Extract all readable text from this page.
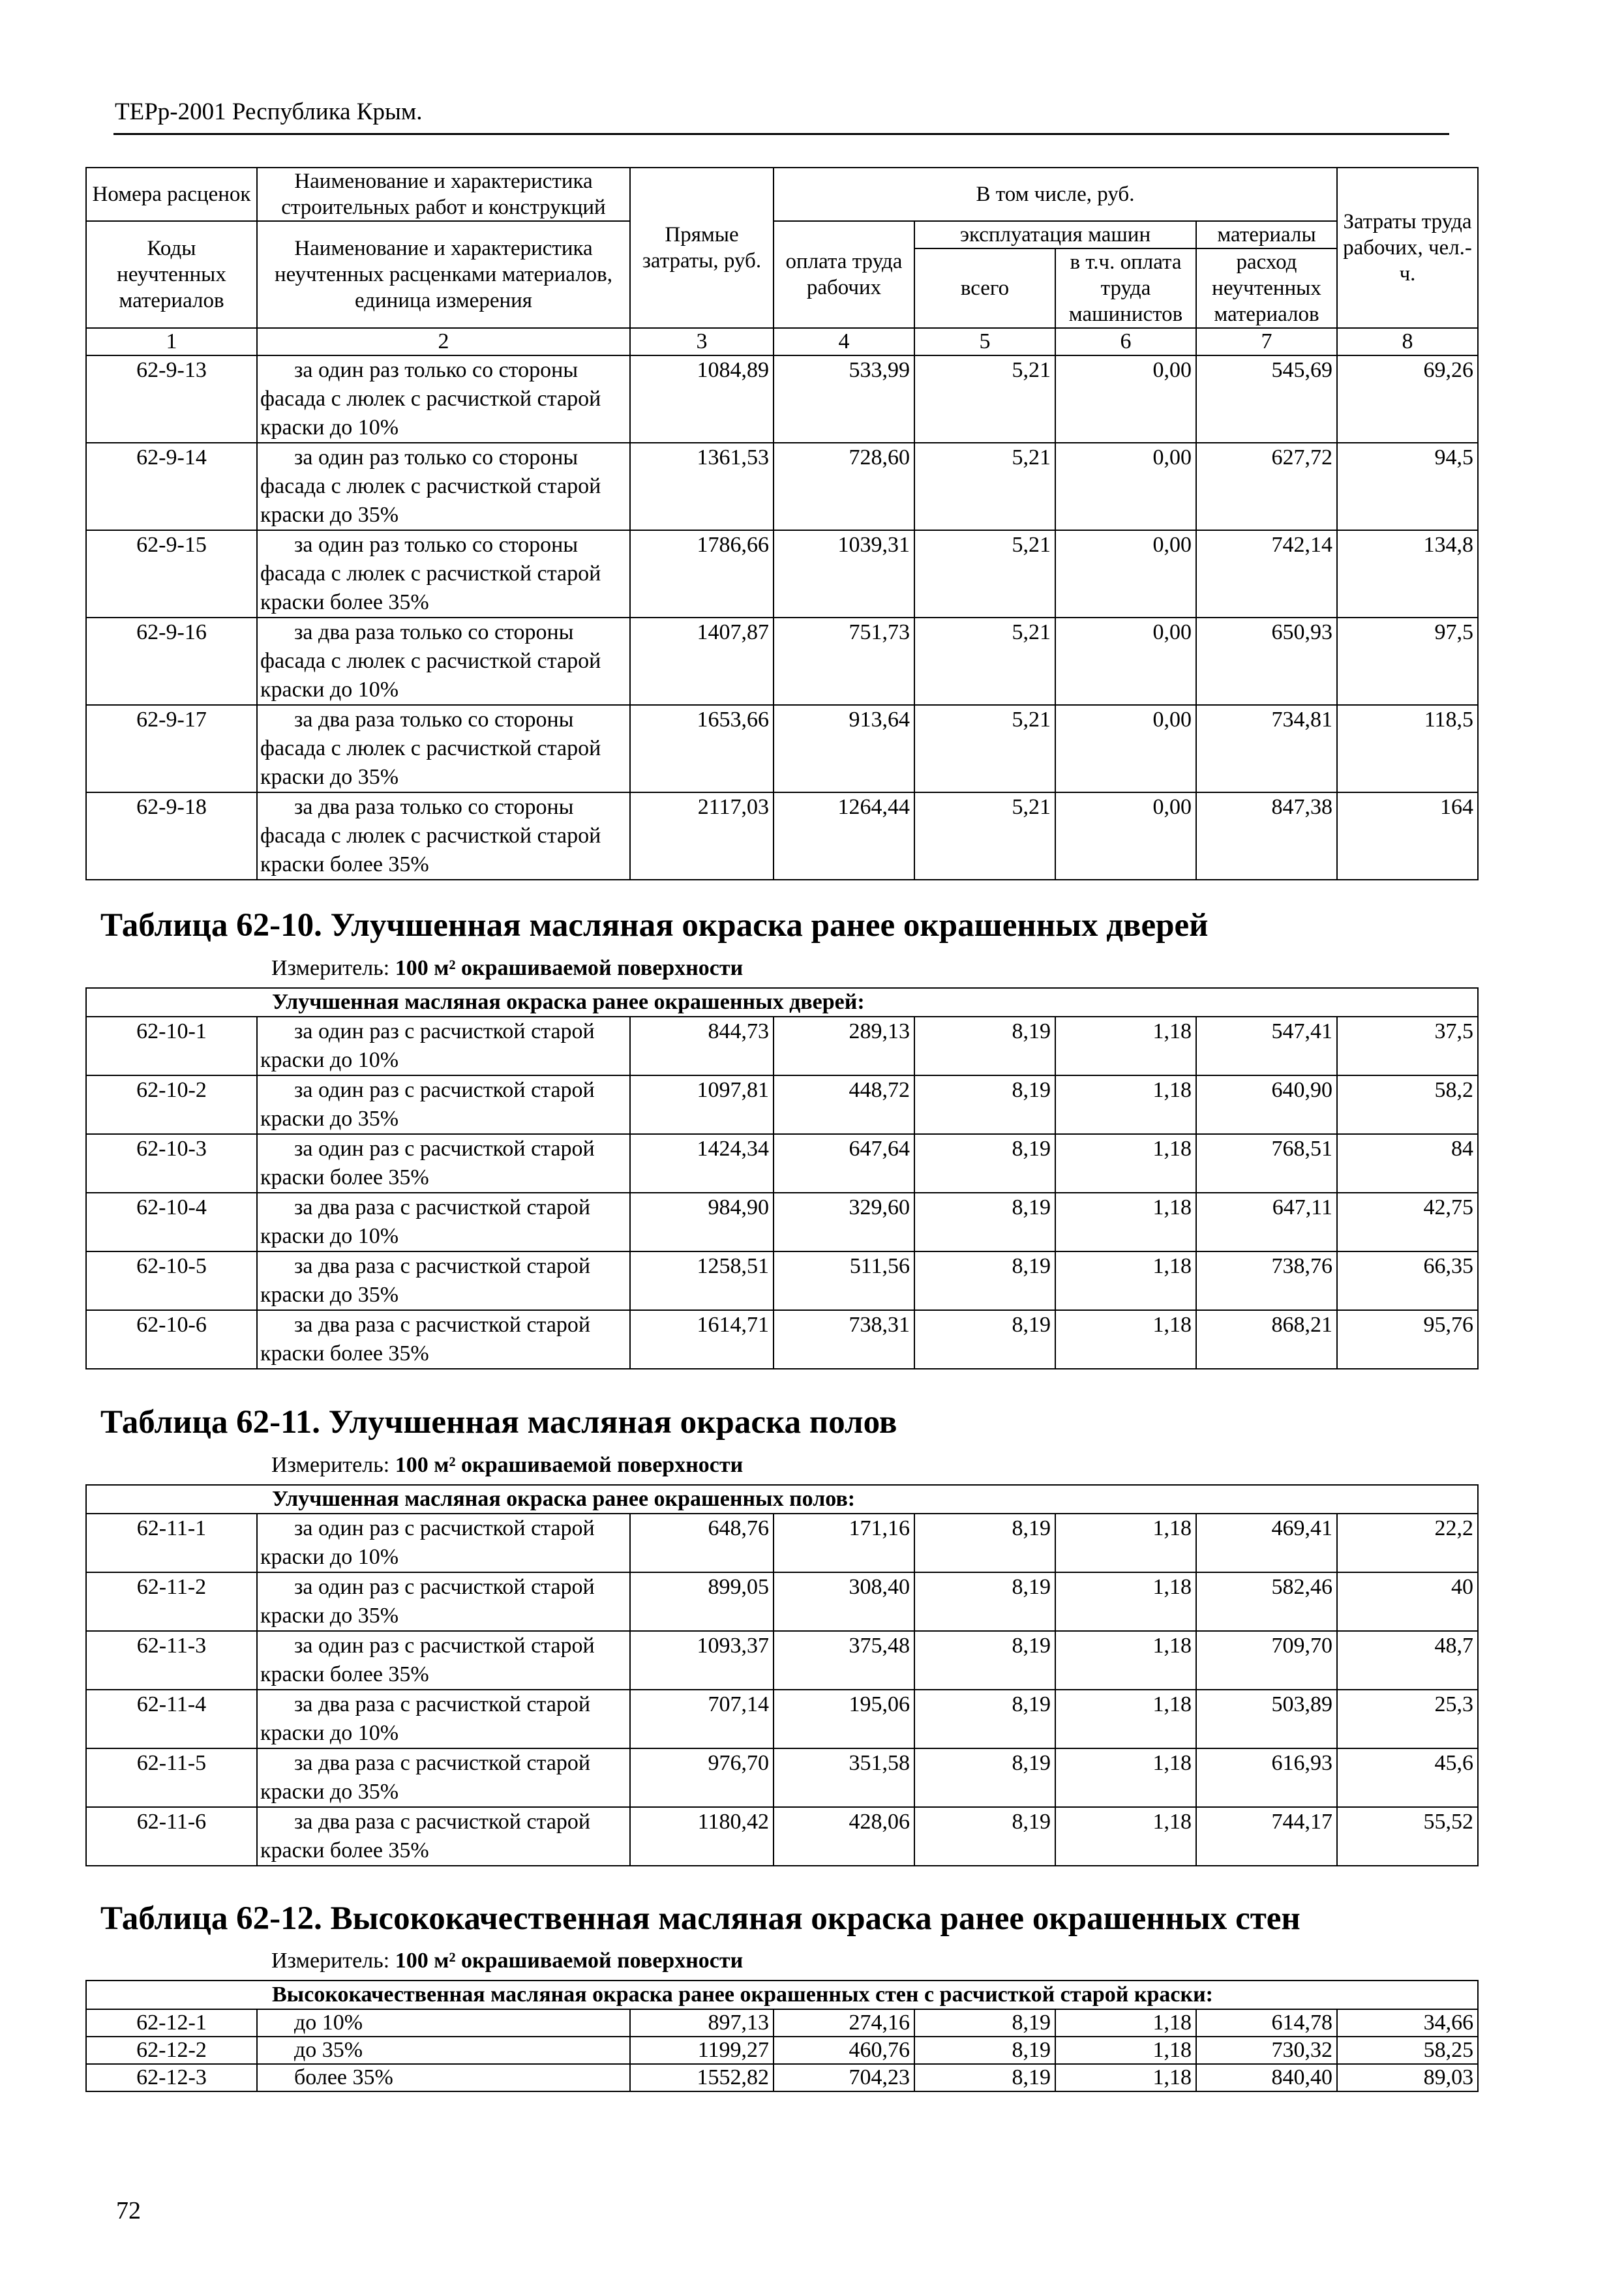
ТЕРр-2001 Республика Крым.
Номера расценок	Наименование и характеристика строительных работ и конструкций	Прямые затраты, руб.	В том числе, руб.				Затраты труда рабочих, чел.-ч.
Коды неучтенных материалов	Наименование и характеристика неучтенных расценками материалов, единица измерения		оплата труда рабочих	эксплуатация машин		материалы	
				всего	в т.ч. оплата труда машинистов	расход неучтенных материалов	
1	2	3	4	5	6	7	8
62-9-13	за один раз только со стороны фасада с люлек с расчисткой старой краски до 10%	1084,89	533,99	5,21	0,00	545,69	69,26
62-9-14	за один раз только со стороны фасада с люлек с расчисткой старой краски до 35%	1361,53	728,60	5,21	0,00	627,72	94,5
62-9-15	за один раз только со стороны фасада с люлек с расчисткой старой краски более 35%	1786,66	1039,31	5,21	0,00	742,14	134,8
62-9-16	за два раза только со стороны фасада с люлек с расчисткой старой краски до 10%	1407,87	751,73	5,21	0,00	650,93	97,5
62-9-17	за два раза только со стороны фасада с люлек с расчисткой старой краски до 35%	1653,66	913,64	5,21	0,00	734,81	118,5
62-9-18	за два раза только со стороны фасада с люлек с расчисткой старой краски более 35%	2117,03	1264,44	5,21	0,00	847,38	164
Таблица 62-10. Улучшенная масляная окраска ранее окрашенных дверей
Измеритель: 100 м² окрашиваемой поверхности
Улучшенная масляная окраска ранее окрашенных дверей:							
62-10-1	за один раз с расчисткой старой краски до 10%	844,73	289,13	8,19	1,18	547,41	37,5
62-10-2	за один раз с расчисткой старой краски до 35%	1097,81	448,72	8,19	1,18	640,90	58,2
62-10-3	за один раз с расчисткой старой краски более 35%	1424,34	647,64	8,19	1,18	768,51	84
62-10-4	за два раза с расчисткой старой краски до 10%	984,90	329,60	8,19	1,18	647,11	42,75
62-10-5	за два раза с расчисткой старой краски до 35%	1258,51	511,56	8,19	1,18	738,76	66,35
62-10-6	за два раза с расчисткой старой краски более 35%	1614,71	738,31	8,19	1,18	868,21	95,76
Таблица 62-11. Улучшенная масляная окраска полов
Измеритель: 100 м² окрашиваемой поверхности
Улучшенная масляная окраска ранее окрашенных полов:							
62-11-1	за один раз с расчисткой старой краски до 10%	648,76	171,16	8,19	1,18	469,41	22,2
62-11-2	за один раз с расчисткой старой краски до 35%	899,05	308,40	8,19	1,18	582,46	40
62-11-3	за один раз с расчисткой старой краски более 35%	1093,37	375,48	8,19	1,18	709,70	48,7
62-11-4	за два раза с расчисткой старой краски до 10%	707,14	195,06	8,19	1,18	503,89	25,3
62-11-5	за два раза с расчисткой старой краски до 35%	976,70	351,58	8,19	1,18	616,93	45,6
62-11-6	за два раза с расчисткой старой краски более 35%	1180,42	428,06	8,19	1,18	744,17	55,52
Таблица 62-12. Высококачественная масляная окраска ранее окрашенных стен
Измеритель: 100 м² окрашиваемой поверхности
Высококачественная масляная окраска ранее окрашенных стен с расчисткой старой краски:							
62-12-1	до 10%	897,13	274,16	8,19	1,18	614,78	34,66
62-12-2	до 35%	1199,27	460,76	8,19	1,18	730,32	58,25
62-12-3	более 35%	1552,82	704,23	8,19	1,18	840,40	89,03
72
